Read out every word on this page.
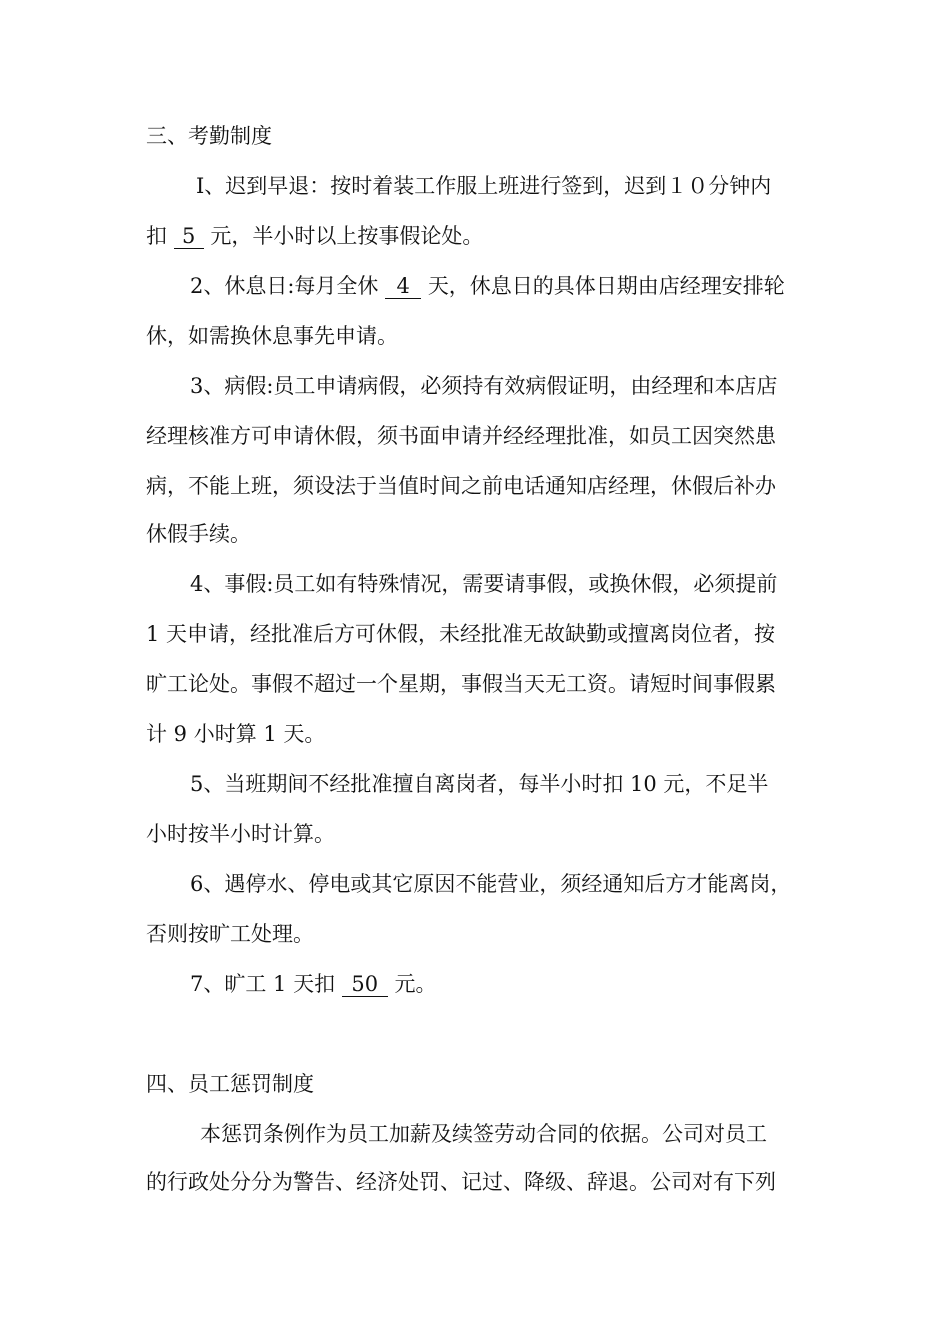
三、考勤制度
I、迟到早退：按时着装工作服上班进行签到，迟到１０分钟内
扣 5 元，半小时以上按事假论处。
2、休息日:每月全休 4 天，休息日的具体日期由店经理安排轮
休，如需换休息事先申请。
3、病假:员工申请病假，必须持有效病假证明，由经理和本店店
经理核准方可申请休假，须书面申请并经经理批准，如员工因突然患
病，不能上班，须设法于当值时间之前电话通知店经理，休假后补办
休假手续。
4、事假:员工如有特殊情况，需要请事假，或换休假，必须提前
1 天申请，经批准后方可休假，未经批准无故缺勤或擅离岗位者，按
旷工论处。事假不超过一个星期，事假当天无工资。请短时间事假累
计 9 小时算 1 天。
5、当班期间不经批准擅自离岗者，每半小时扣 10 元，不足半
小时按半小时计算。
6、遇停水、停电或其它原因不能营业，须经通知后方才能离岗，
否则按旷工处理。
7、旷工 1 天扣 50 元。
四、员工惩罚制度
本惩罚条例作为员工加薪及续签劳动合同的依据。公司对员工
的行政处分分为警告、经济处罚、记过、降级、辞退。公司对有下列
